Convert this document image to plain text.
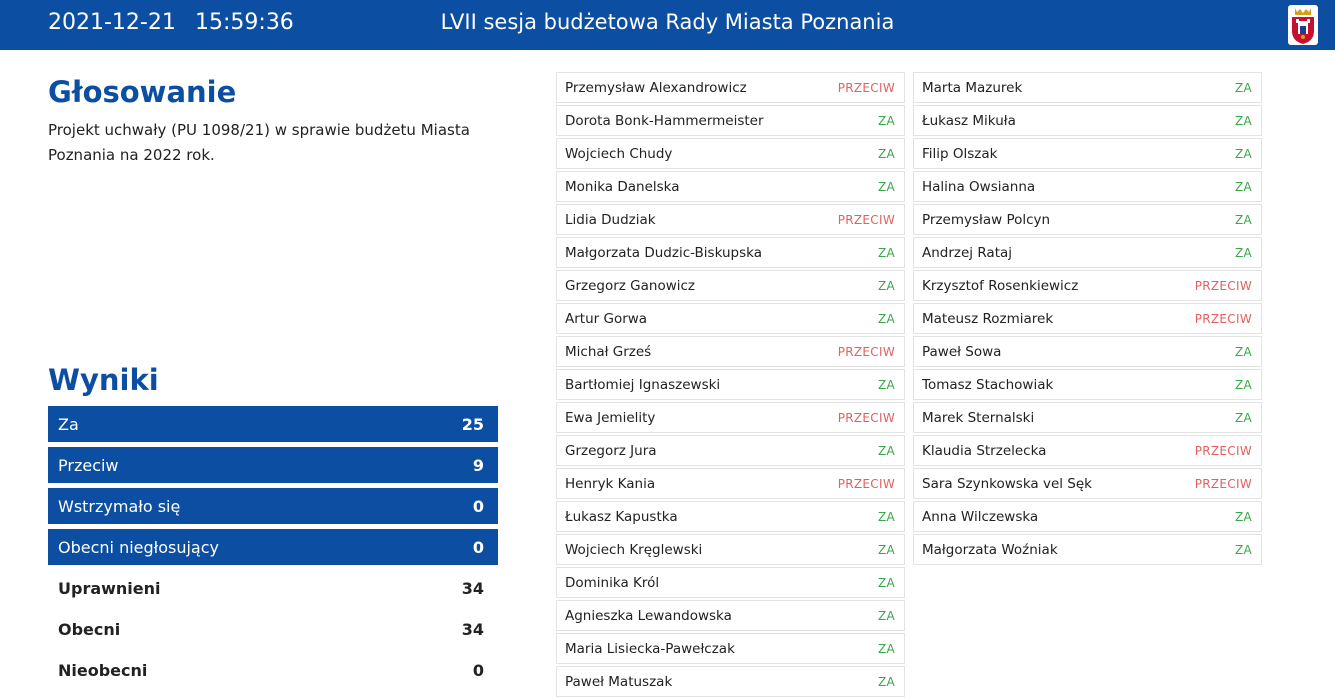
2021-12-21 15:59:36	LVII sesja budżetowa Rady Miasta Poznania
Głosowanie
Projekt uchwały (PU 1098/21) w sprawie budżetu Miasta Poznania na 2022 rok.
Wyniki
Za	25
Przeciw	9
Wstrzymało się	0
Obecni niegłosujący	0
Uprawnieni	34
Obecni	34
Nieobecni	0
Przemysław Alexandrowicz	PRZECIW
Dorota Bonk-Hammermeister	ZA
Wojciech Chudy	ZA
Monika Danelska	ZA
Lidia Dudziak	PRZECIW
Małgorzata Dudzic-Biskupska	ZA
Grzegorz Ganowicz	ZA
Artur Gorwa	ZA
Michał Grześ	PRZECIW
Bartłomiej Ignaszewski	ZA
Ewa Jemielity	PRZECIW
Grzegorz Jura	ZA
Henryk Kania	PRZECIW
Łukasz Kapustka	ZA
Wojciech Kręglewski	ZA
Dominika Król	ZA
Agnieszka Lewandowska	ZA
Maria Lisiecka-Pawełczak	ZA
Paweł Matuszak	ZA
Marta Mazurek	ZA
Łukasz Mikuła	ZA
Filip Olszak	ZA
Halina Owsianna	ZA
Przemysław Polcyn	ZA
Andrzej Rataj	ZA
Krzysztof Rosenkiewicz	PRZECIW
Mateusz Rozmiarek	PRZECIW
Paweł Sowa	ZA
Tomasz Stachowiak	ZA
Marek Sternalski	ZA
Klaudia Strzelecka	PRZECIW
Sara Szynkowska vel Sęk	PRZECIW
Anna Wilczewska	ZA
Małgorzata Woźniak	ZA
